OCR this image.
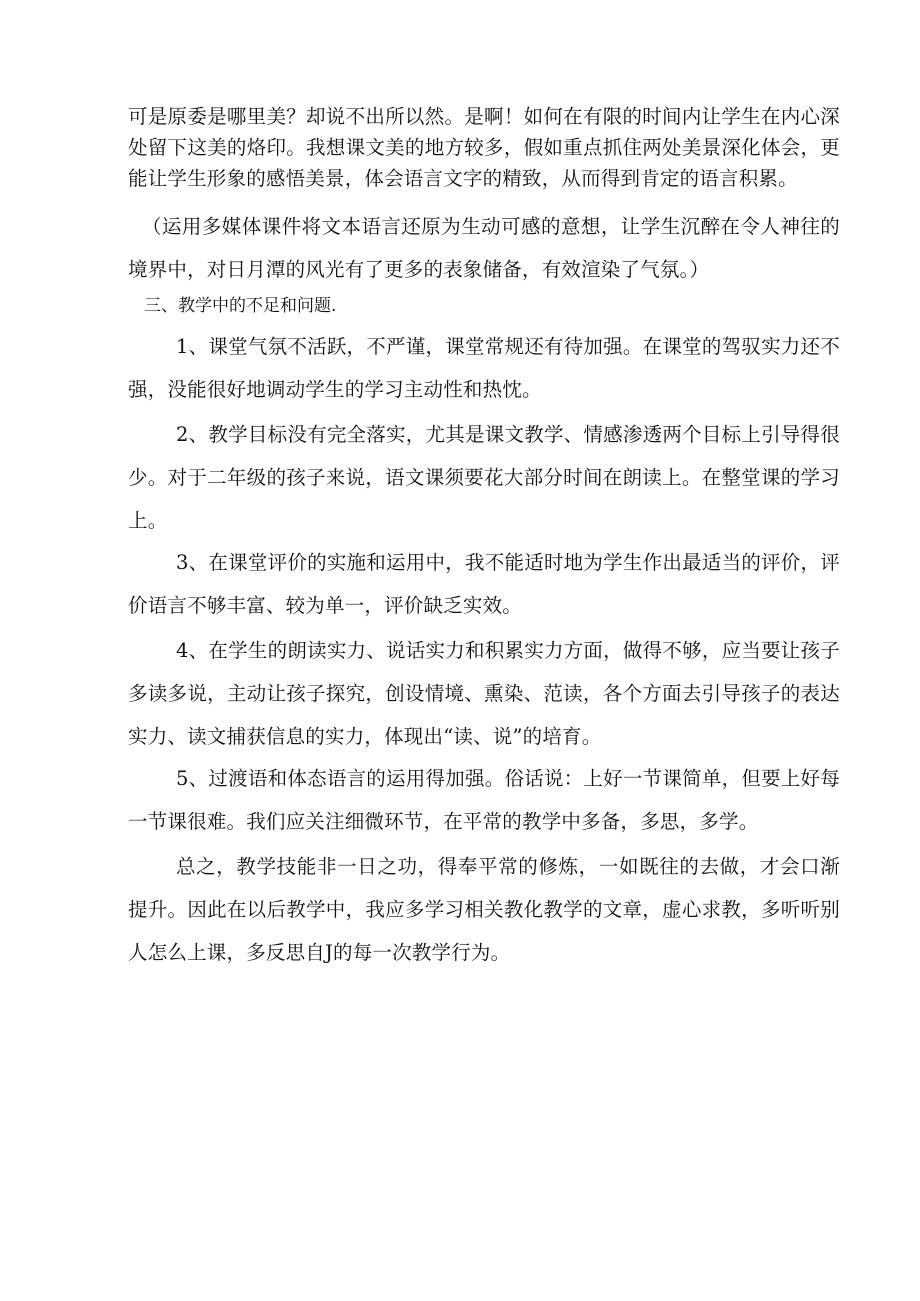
可是原委是哪里美？却说不出所以然。是啊！如何在有限的时间内让学生在内心深处留下这美的烙印。我想课文美的地方较多，假如重点抓住两处美景深化体会，更能让学生形象的感悟美景，体会语言文字的精致，从而得到肯定的语言积累。

（运用多媒体课件将文本语言还原为生动可感的意想，让学生沉醉在令人神往的境界中，对日月潭的风光有了更多的表象储备，有效渲染了气氛。）

三、教学中的不足和问题.

1、课堂气氛不活跃，不严谨，课堂常规还有待加强。在课堂的驾驭实力还不强，没能很好地调动学生的学习主动性和热忱。

2、教学目标没有完全落实，尤其是课文教学、情感渗透两个目标上引导得很少。对于二年级的孩子来说，语文课须要花大部分时间在朗读上。在整堂课的学习上。

3、在课堂评价的实施和运用中，我不能适时地为学生作出最适当的评价，评价语言不够丰富、较为单一，评价缺乏实效。

4、在学生的朗读实力、说话实力和积累实力方面，做得不够，应当要让孩子多读多说，主动让孩子探究，创设情境、熏染、范读，各个方面去引导孩子的表达实力、读文捕获信息的实力，体现出“读、说”的培育。

5、过渡语和体态语言的运用得加强。俗话说：上好一节课简单，但要上好每一节课很难。我们应关注细微环节，在平常的教学中多备，多思，多学。

总之，教学技能非一日之功，得奉平常的修炼，一如既往的去做，才会口渐提升。因此在以后教学中，我应多学习相关教化教学的文章，虚心求教，多听听别人怎么上课，多反思自J的每一次教学行为。
